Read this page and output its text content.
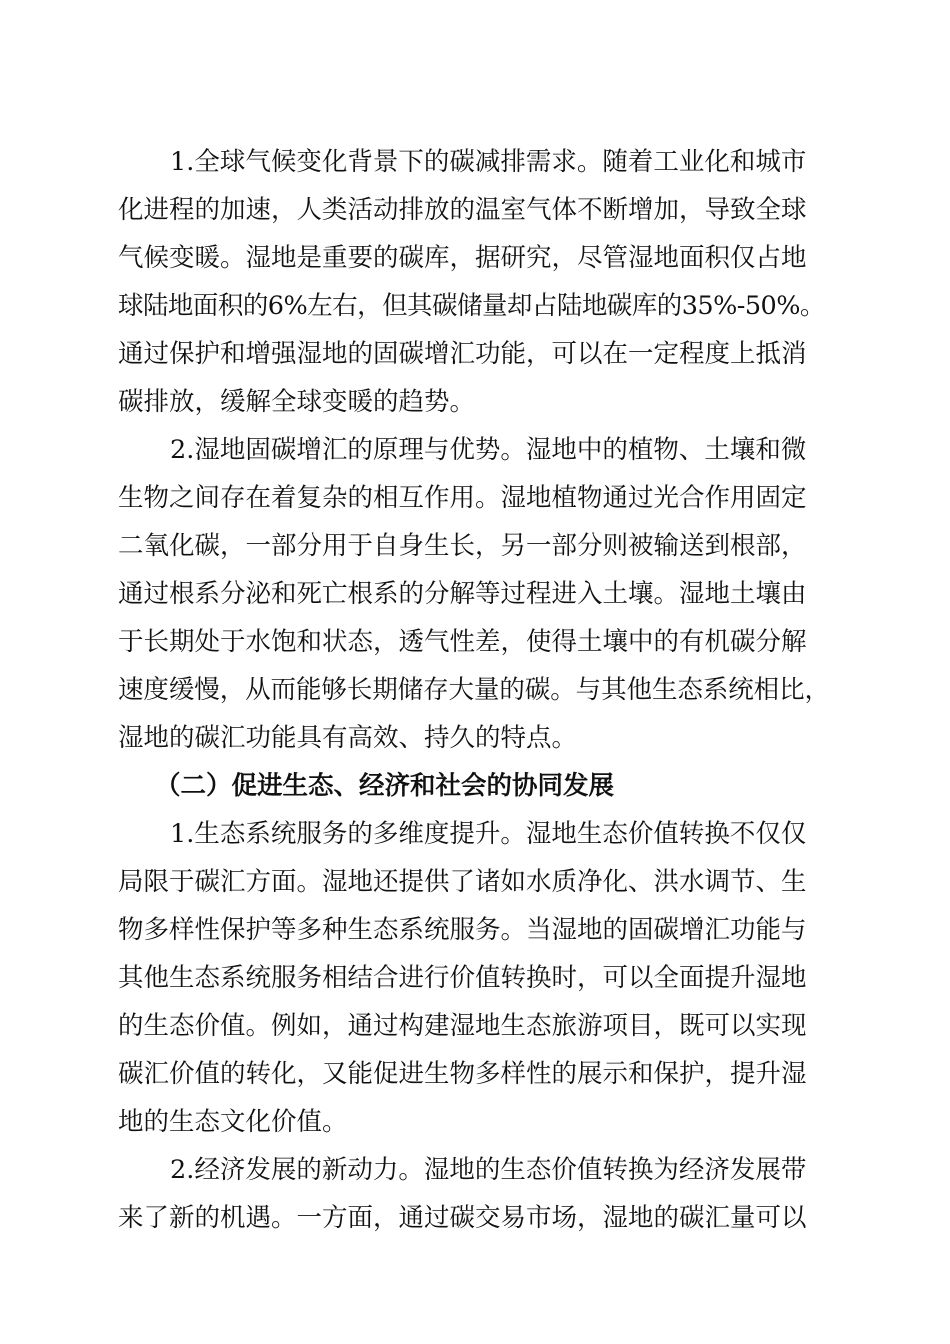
1.全球气候变化背景下的碳减排需求。随着工业化和城市
化进程的加速，人类活动排放的温室气体不断增加，导致全球
气候变暖。湿地是重要的碳库，据研究，尽管湿地面积仅占地
球陆地面积的6%左右，但其碳储量却占陆地碳库的35%-50%。
通过保护和增强湿地的固碳增汇功能，可以在一定程度上抵消
碳排放，缓解全球变暖的趋势。
2.湿地固碳增汇的原理与优势。湿地中的植物、土壤和微
生物之间存在着复杂的相互作用。湿地植物通过光合作用固定
二氧化碳，一部分用于自身生长，另一部分则被输送到根部，
通过根系分泌和死亡根系的分解等过程进入土壤。湿地土壤由
于长期处于水饱和状态，透气性差，使得土壤中的有机碳分解
速度缓慢，从而能够长期储存大量的碳。与其他生态系统相比，
湿地的碳汇功能具有高效、持久的特点。
（二）促进生态、经济和社会的协同发展
1.生态系统服务的多维度提升。湿地生态价值转换不仅仅
局限于碳汇方面。湿地还提供了诸如水质净化、洪水调节、生
物多样性保护等多种生态系统服务。当湿地的固碳增汇功能与
其他生态系统服务相结合进行价值转换时，可以全面提升湿地
的生态价值。例如，通过构建湿地生态旅游项目，既可以实现
碳汇价值的转化，又能促进生物多样性的展示和保护，提升湿
地的生态文化价值。
2.经济发展的新动力。湿地的生态价值转换为经济发展带
来了新的机遇。一方面，通过碳交易市场，湿地的碳汇量可以
